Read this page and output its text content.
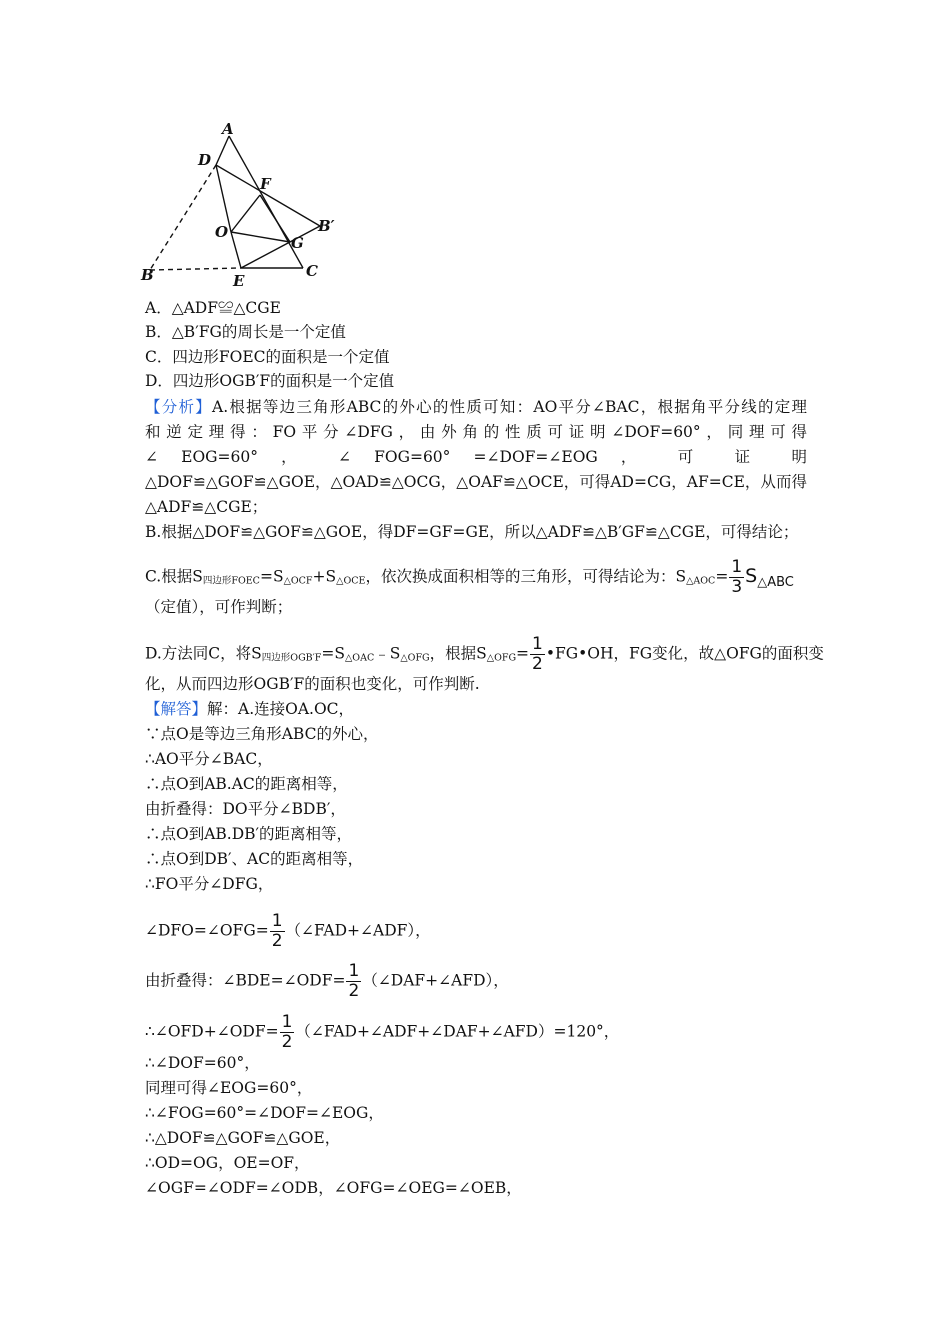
A
D
F
B′
O
G
C
E
B
A．△ADF≌△CGE
B．△B′FG的周长是一个定值
C．四边形FOEC的面积是一个定值
D．四边形OGB′F的面积是一个定值
【分析】A.根据等边三角形ABC的外心的性质可知：AO平分∠BAC，根据角平分线的定理
和逆定理得：FO平分∠DFG，由外角的性质可证明∠DOF=60°，同理可得
∠ EOG=60° ， ∠ FOG=60° =∠DOF=∠EOG ， 可 证 明
△DOF≌△GOF≌△GOE，△OAD≌△OCG，△OAF≌△OCE，可得AD=CG，AF=CE，从而得
△ADF≌△CGE；
B.根据△DOF≌△GOF≌△GOE，得DF=GF=GE，所以△ADF≌△B′GF≌△CGE，可得结论；
C.根据$S_{四边形FOEC}=S_{\triangle OCF}+S_{\triangle OCE}$，依次换成面积相等的三角形，可得结论为：$S_{\triangle AOC}= \frac{1}{3} S_{\triangle ABC}$
（定值），可作判断；
D.方法同C，将$S_{四边形OGB'F}=S_{\triangle OAC}﹣S_{\triangle OFG}$，根据$S_{\triangle OFG}= \frac{1}{2}$ •FG•OH，FG变化，故△OFG的面积变
化，从而四边形OGB′F的面积也变化，可作判断.
【解答】解：A.连接OA.OC，
∵点O是等边三角形ABC的外心，
∴AO平分∠BAC，
∴点O到AB.AC的距离相等，
由折叠得：DO平分∠BDB′，
∴点O到AB.DB′的距离相等，
∴点O到DB′、AC的距离相等，
∴FO平分∠DFG，
∠DFO=∠OFG= $\frac{1}{2}$ （∠FAD+∠ADF），
由折叠得：∠BDE=∠ODF= $\frac{1}{2}$ （∠DAF+∠AFD），
∴∠OFD+∠ODF= $\frac{1}{2}$ （∠FAD+∠ADF+∠DAF+∠AFD）=120°，
∴∠DOF=60°，
同理可得∠EOG=60°，
∴∠FOG=60°=∠DOF=∠EOG，
∴△DOF≌△GOF≌△GOE，
∴OD=OG，OE=OF，
∠OGF=∠ODF=∠ODB，∠OFG=∠OEG=∠OEB，
